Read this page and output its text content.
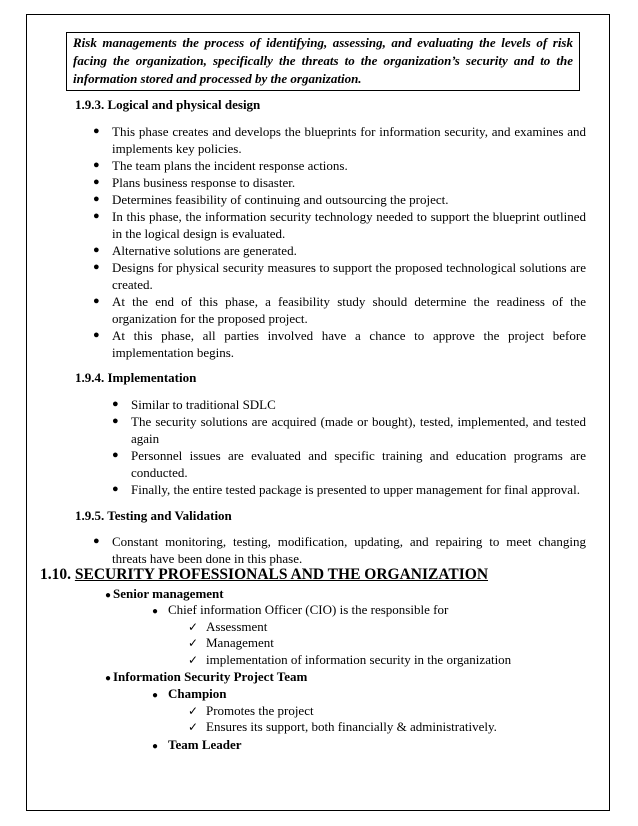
Risk managements the process of identifying, assessing, and evaluating the levels of risk facing the organization, specifically the threats to the organization’s security and to the information stored and processed by the organization.
1.9.3. Logical and physical design
● This phase creates and develops the blueprints for information security, and examines and implements key policies.
● The team plans the incident response actions.
● Plans business response to disaster.
● Determines feasibility of continuing and outsourcing the project.
● In this phase, the information security technology needed to support the blueprint outlined in the logical design is evaluated.
● Alternative solutions are generated.
● Designs for physical security measures to support the proposed technological solutions are created.
● At the end of this phase, a feasibility study should determine the readiness of the organization for the proposed project.
● At this phase, all parties involved have a chance to approve the project before implementation begins.
1.9.4. Implementation
● Similar to traditional SDLC
● The security solutions are acquired (made or bought), tested, implemented, and tested again
● Personnel issues are evaluated and specific training and education programs are conducted.
● Finally, the entire tested package is presented to upper management for final approval.
1.9.5. Testing and Validation
● Constant monitoring, testing, modification, updating, and repairing to meet changing threats have been done in this phase.
1.10. SECURITY PROFESSIONALS AND THE ORGANIZATION
● Senior management
● Chief information Officer (CIO) is the responsible for
✓ Assessment
✓ Management
✓ implementation of information security in the organization
● Information Security Project Team
● Champion
✓ Promotes the project
✓ Ensures its support, both financially & administratively.
● Team Leader
